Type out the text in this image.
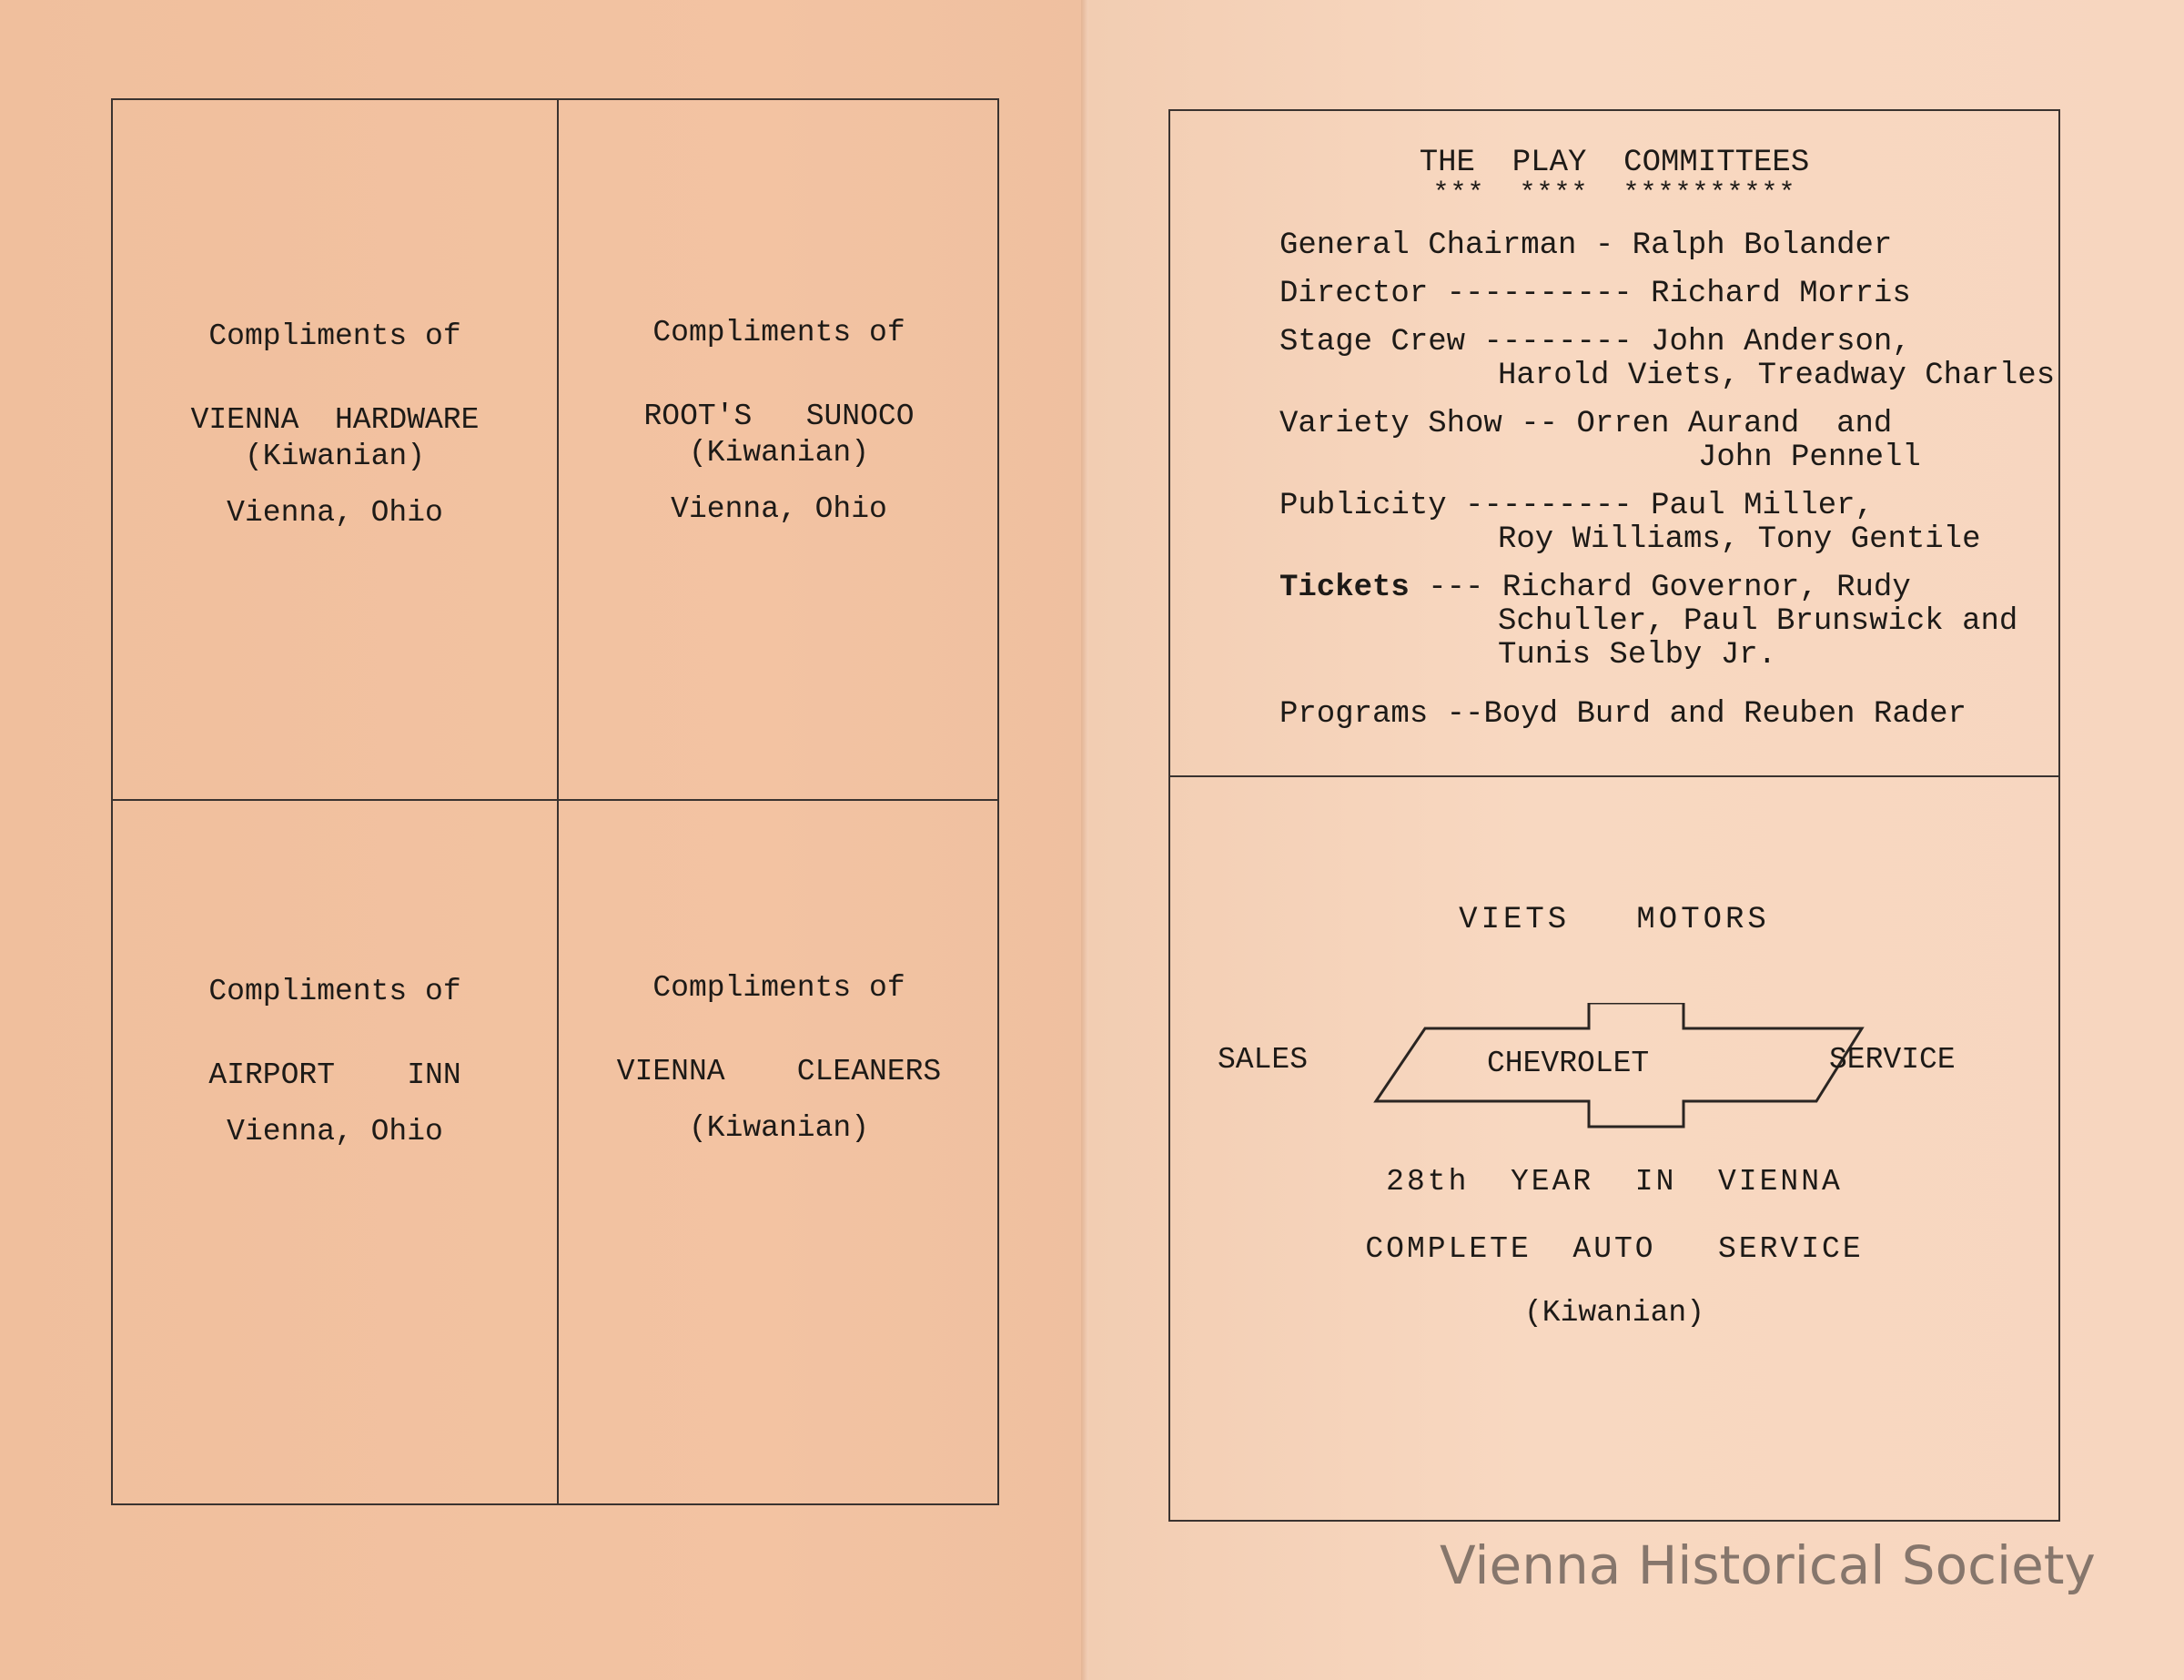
Compliments of
VIENNA  HARDWARE
(Kiwanian)
Vienna, Ohio
Compliments of
ROOT'S   SUNOCO
(Kiwanian)
Vienna, Ohio
Compliments of
AIRPORT    INN
Vienna, Ohio
Compliments of
VIENNA    CLEANERS
(Kiwanian)
THE  PLAY  COMMITTEES
***  ****  **********
General Chairman - Ralph Bolander
Director ---------- Richard Morris
Stage Crew -------- John Anderson,
Harold Viets, Treadway Charles
Variety Show -- Orren Aurand  and
John Pennell
Publicity --------- Paul Miller,
Roy Williams, Tony Gentile
Tickets --- Richard Governor, Rudy
Schuller, Paul Brunswick and
Tunis Selby Jr.
Programs --Boyd Burd and Reuben Rader
VIETS   MOTORS
SALES	CHEVROLET	SERVICE
28th  YEAR  IN  VIENNA
COMPLETE  AUTO   SERVICE
(Kiwanian)
Vienna Historical Society
